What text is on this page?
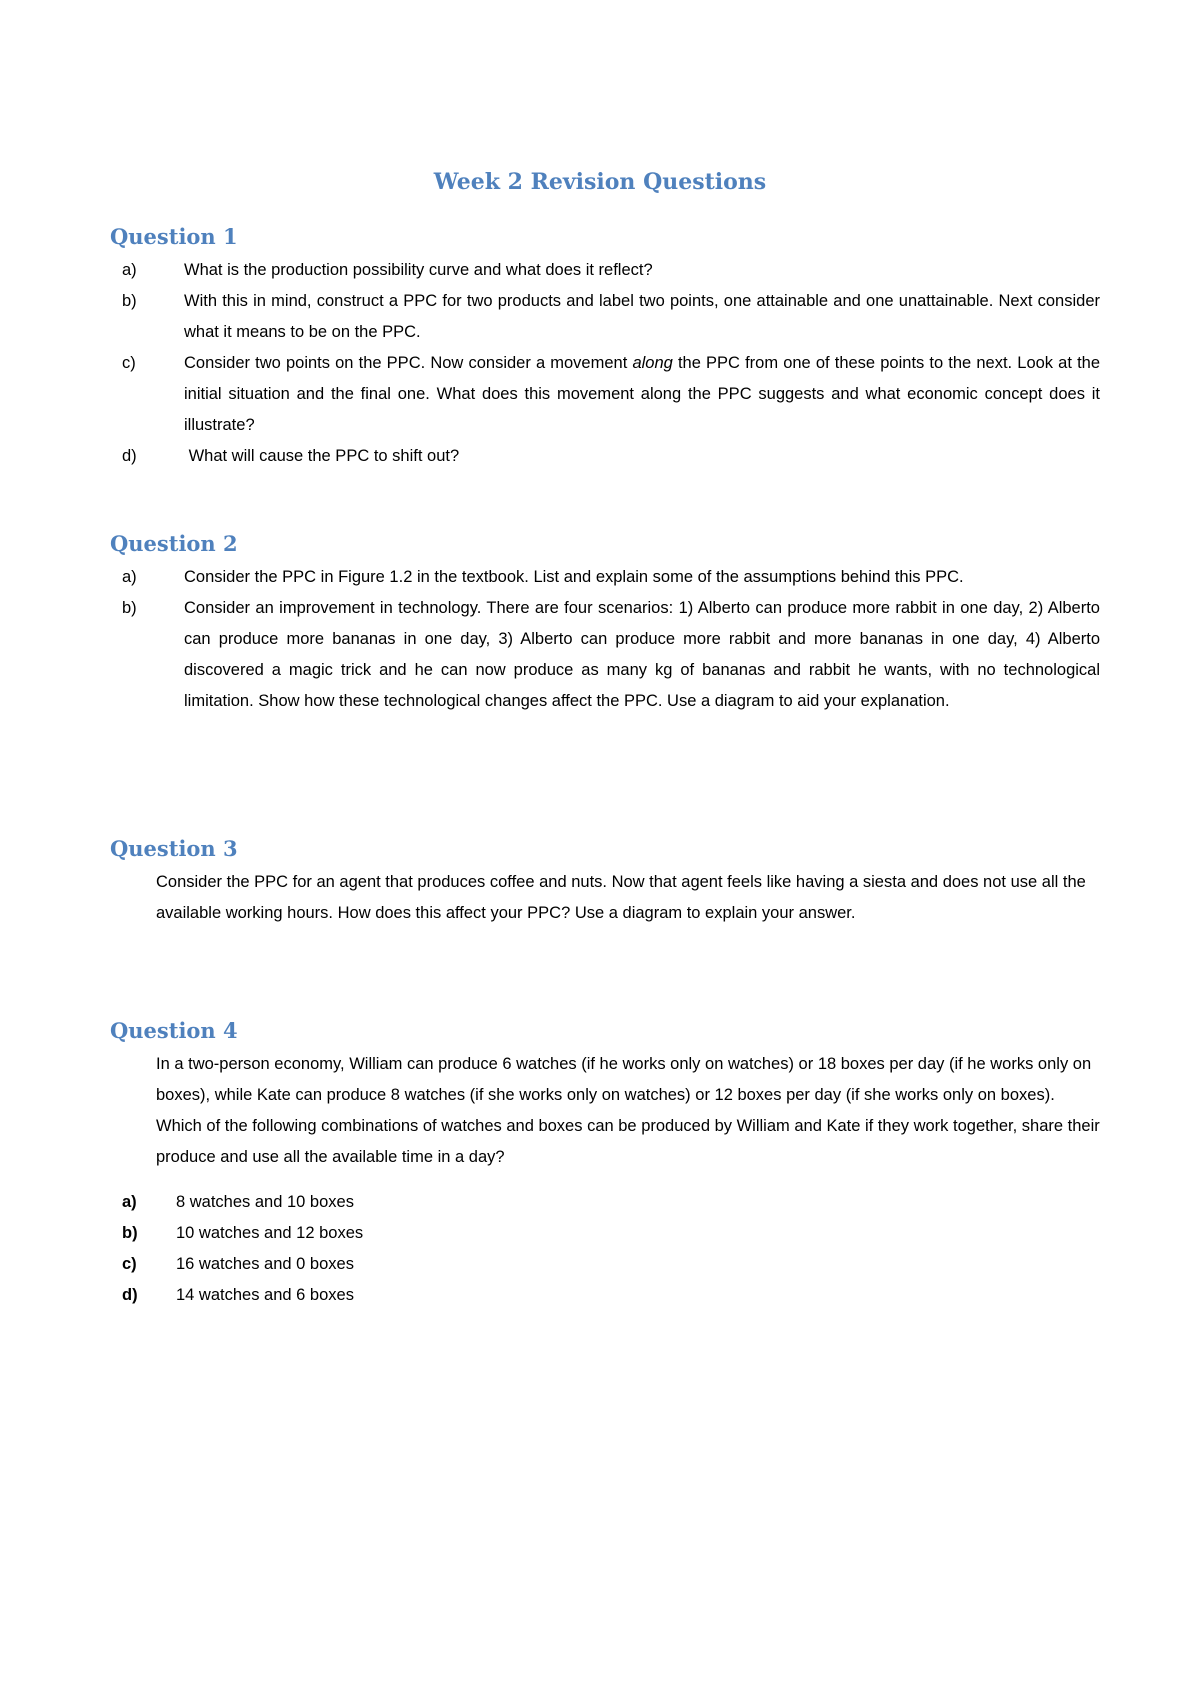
Week 2 Revision Questions
Question 1
a)	What is the production possibility curve and what does it reflect?
b)	With this in mind, construct a PPC for two products and label two points, one attainable and one unattainable. Next consider what it means to be on the PPC.
c)	Consider two points on the PPC. Now consider a movement along the PPC from one of these points to the next. Look at the initial situation and the final one. What does this movement along the PPC suggests and what economic concept does it illustrate?
d)	What will cause the PPC to shift out?
Question 2
a)	Consider the PPC in Figure 1.2 in the textbook. List and explain some of the assumptions behind this PPC.
b)	Consider an improvement in technology. There are four scenarios: 1) Alberto can produce more rabbit in one day, 2) Alberto can produce more bananas in one day, 3) Alberto can produce more rabbit and more bananas in one day, 4) Alberto discovered a magic trick and he can now produce as many kg of bananas and rabbit he wants, with no technological limitation. Show how these technological changes affect the PPC. Use a diagram to aid your explanation.
Question 3

Consider the PPC for an agent that produces coffee and nuts. Now that agent feels like having a siesta and does not use all the available working hours. How does this affect your PPC? Use a diagram to explain your answer.

Question 4

In a two-person economy, William can produce 6 watches (if he works only on watches) or 18 boxes per day (if he works only on boxes), while Kate can produce 8 watches (if she works only on watches) or 12 boxes per day (if she works only on boxes). Which of the following combinations of watches and boxes can be produced by William and Kate if they work together, share their produce and use all the available time in a day?

a)	8 watches and 10 boxes
b)	10 watches and 12 boxes
c)	16 watches and 0 boxes
d)	14 watches and 6 boxes
